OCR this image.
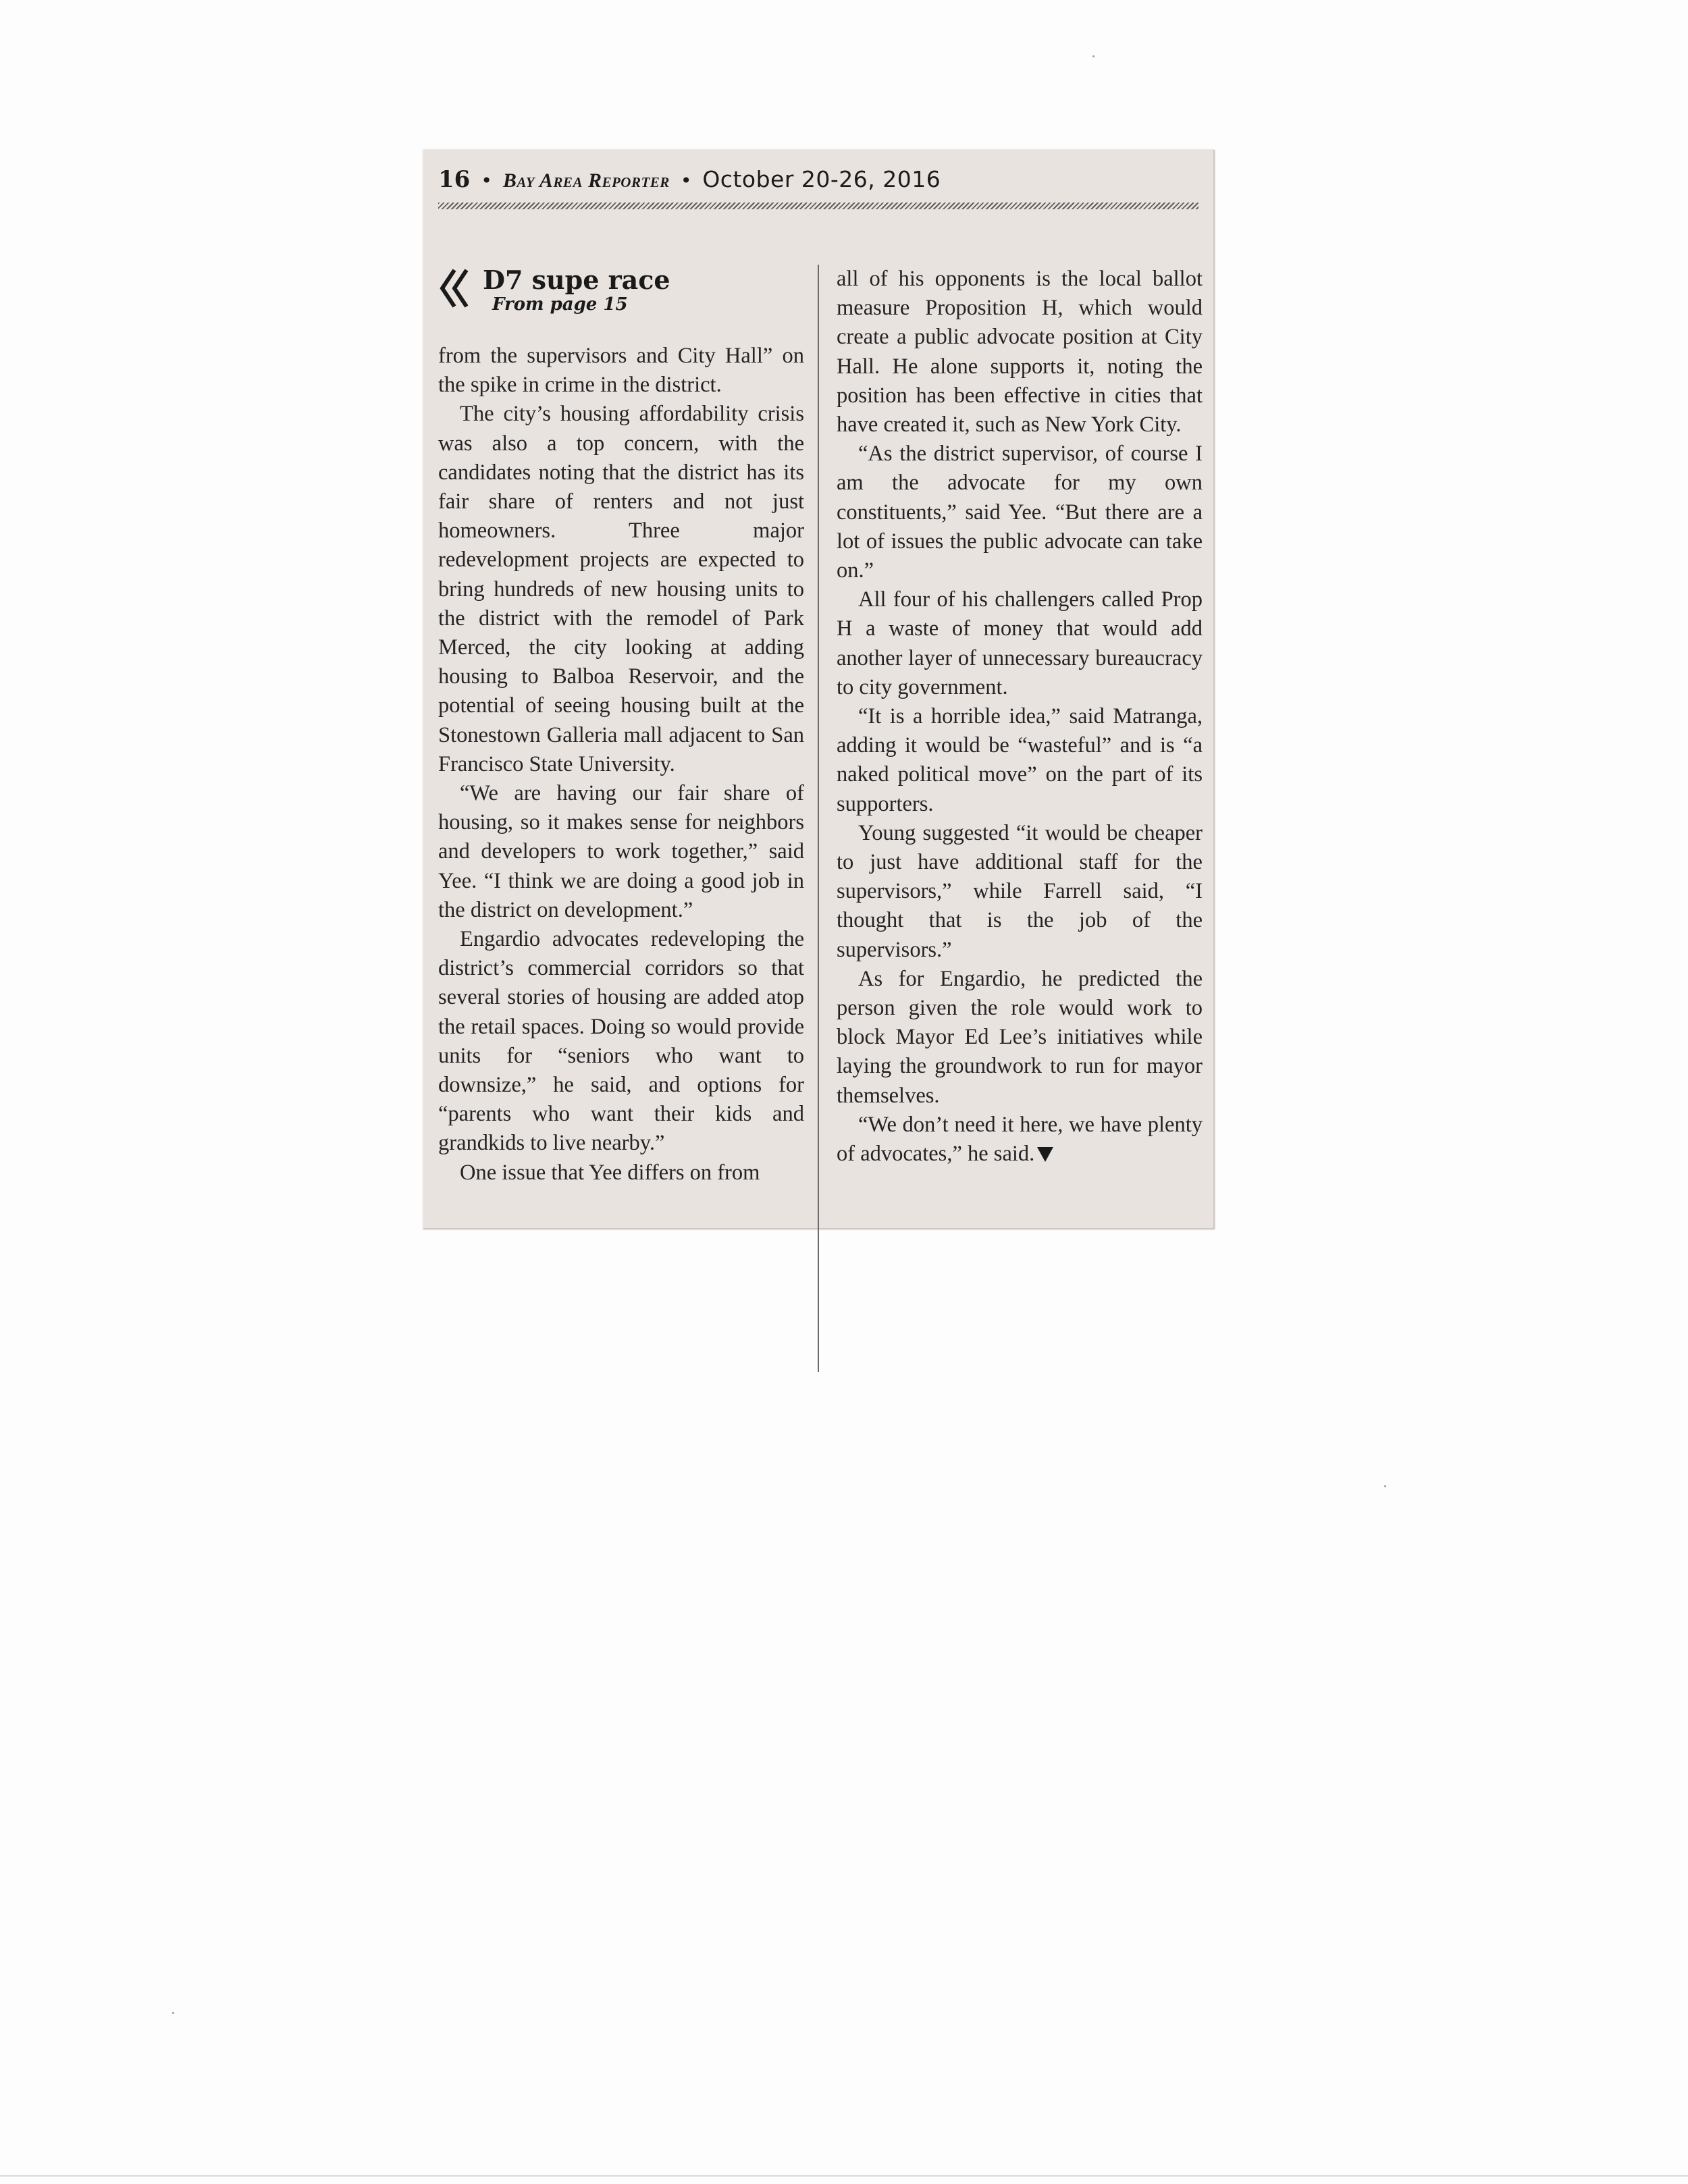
16 • Bay Area Reporter • October 20-26, 2016
D7 supe race
From page 15

from the supervisors and City Hall” on the spike in crime in the district.

The city’s housing affordability crisis was also a top concern, with the candidates noting that the district has its fair share of renters and not just homeowners. Three major redevelopment projects are expected to bring hundreds of new housing units to the district with the remodel of Park Merced, the city looking at adding housing to Balboa Reservoir, and the potential of seeing housing built at the Stonestown Galleria mall adjacent to San Francisco State University.

“We are having our fair share of housing, so it makes sense for neighbors and developers to work together,” said Yee. “I think we are doing a good job in the district on development.”

Engardio advocates redeveloping the district’s commercial corridors so that several stories of housing are added atop the retail spaces. Doing so would provide units for “seniors who want to downsize,” he said, and options for “parents who want their kids and grandkids to live nearby.”

One issue that Yee differs on from

all of his opponents is the local ballot measure Proposition H, which would create a public advocate position at City Hall. He alone supports it, noting the position has been effective in cities that have created it, such as New York City.

“As the district supervisor, of course I am the advocate for my own constituents,” said Yee. “But there are a lot of issues the public advocate can take on.”

All four of his challengers called Prop H a waste of money that would add another layer of unnecessary bureaucracy to city government.

“It is a horrible idea,” said Matranga, adding it would be “wasteful” and is “a naked political move” on the part of its supporters.

Young suggested “it would be cheaper to just have additional staff for the supervisors,” while Farrell said, “I thought that is the job of the supervisors.”

As for Engardio, he predicted the person given the role would work to block Mayor Ed Lee’s initiatives while laying the groundwork to run for mayor themselves.

“We don’t need it here, we have plenty of advocates,” he said.
